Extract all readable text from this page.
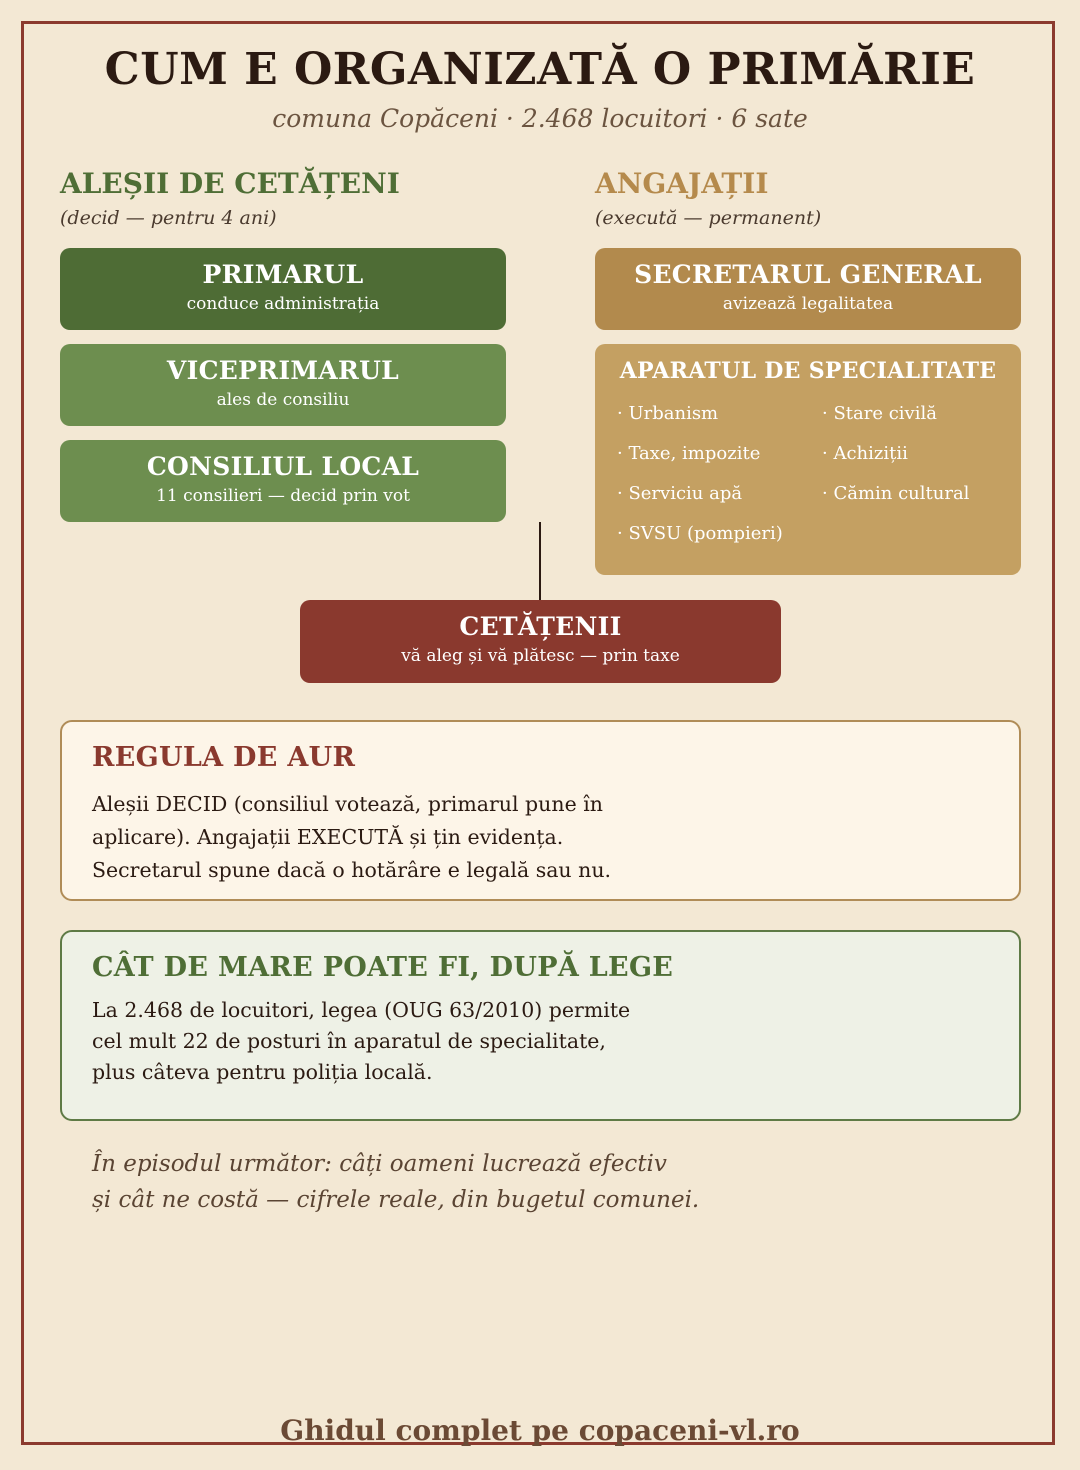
CUM E ORGANIZATĂ O PRIMĂRIE
comuna Copăceni · 2.468 locuitori · 6 sate
ALEȘII DE CETĂȚENI
(decid — pentru 4 ani)
PRIMARUL
conduce administrația
VICEPRIMARUL
ales de consiliu
CONSILIUL LOCAL
11 consilieri — decid prin vot
ANGAJAȚII
(execută — permanent)
SECRETARUL GENERAL
avizează legalitatea
APARATUL DE SPECIALITATE
· Urbanism	· Stare civilă
· Taxe, impozite	· Achiziții
· Serviciu apă	· Cămin cultural
· SVSU (pompieri)
CETĂȚENII
vă aleg și vă plătesc — prin taxe
REGULA DE AUR

Aleșii DECID (consiliul votează, primarul pune în

aplicare). Angajații EXECUTĂ și țin evidența.

Secretarul spune dacă o hotărâre e legală sau nu.

CÂT DE MARE POATE FI, DUPĂ LEGE

La 2.468 de locuitori, legea (OUG 63/2010) permite

cel mult 22 de posturi în aparatul de specialitate,

plus câteva pentru poliția locală.

În episodul următor: câți oameni lucrează efectiv
și cât ne costă — cifrele reale, din bugetul comunei.
Ghidul complet pe copaceni-vl.ro
